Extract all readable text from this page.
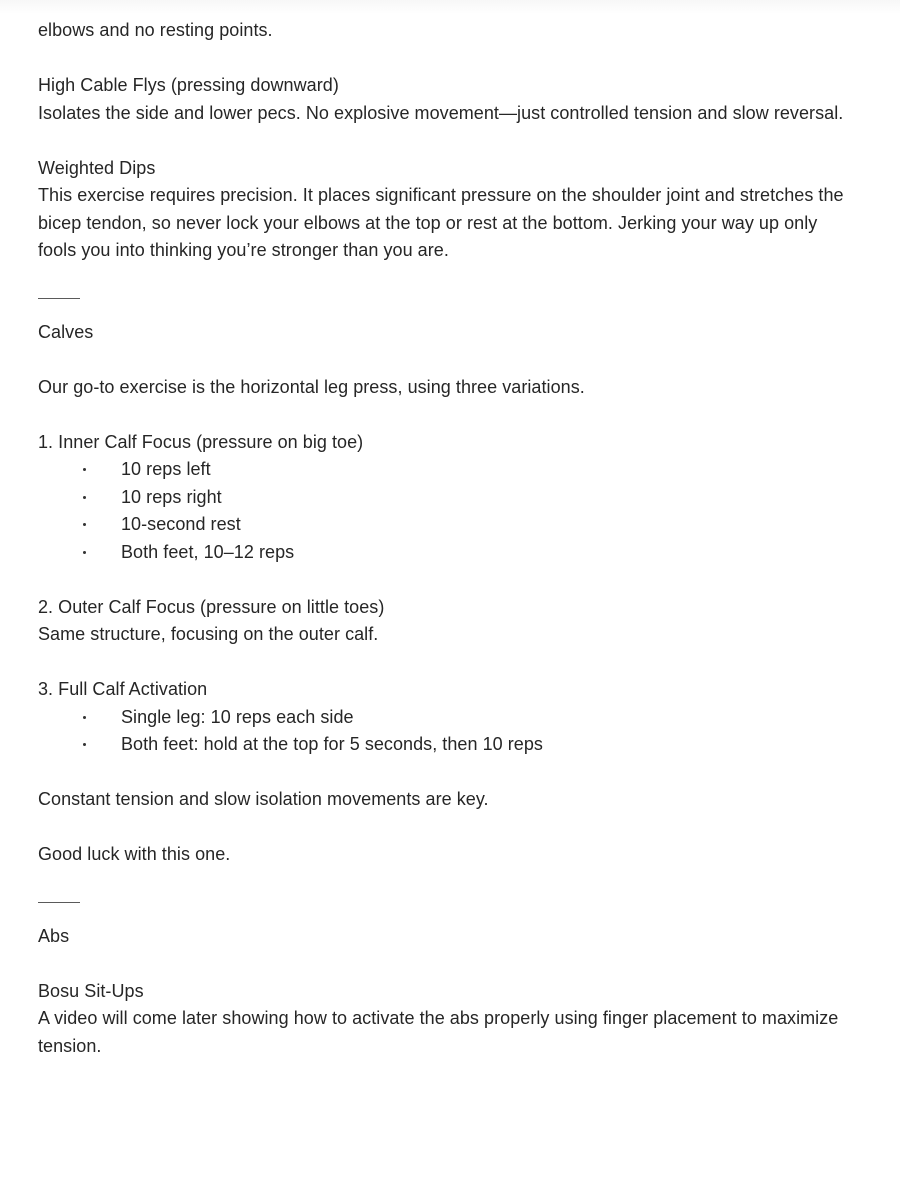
elbows and no resting points.

High Cable Flys (pressing downward)

Isolates the side and lower pecs. No explosive movement—just controlled tension and slow reversal.

Weighted Dips

This exercise requires precision. It places significant pressure on the shoulder joint and stretches the bicep tendon, so never lock your elbows at the top or rest at the bottom. Jerking your way up only fools you into thinking you’re stronger than you are.

Calves

Our go-to exercise is the horizontal leg press, using three variations.

1. Inner Calf Focus (pressure on big toe)

10 reps left
10 reps right
10-second rest
Both feet, 10–12 reps

2. Outer Calf Focus (pressure on little toes)

Same structure, focusing on the outer calf.

3. Full Calf Activation

Single leg: 10 reps each side
Both feet: hold at the top for 5 seconds, then 10 reps

Constant tension and slow isolation movements are key.

Good luck with this one.

Abs

Bosu Sit-Ups

A video will come later showing how to activate the abs properly using finger placement to maximize tension.
